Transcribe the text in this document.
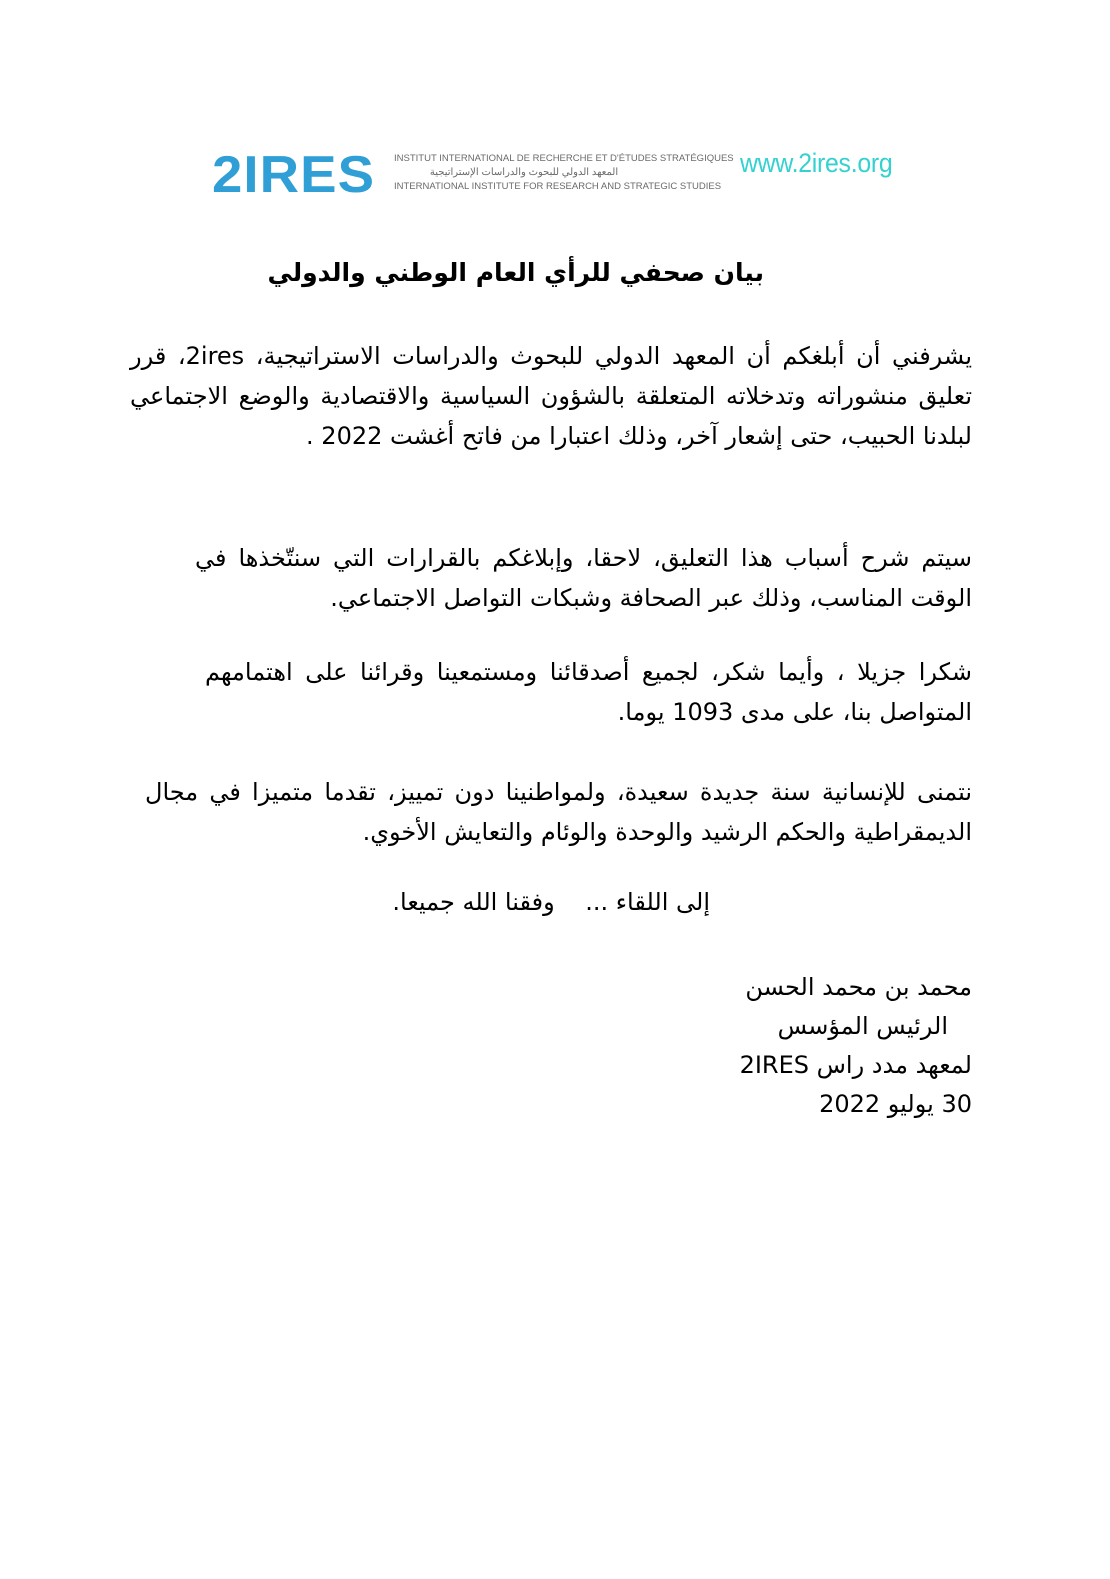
2IRES INSTITUT INTERNATIONAL DE RECHERCHE ET D'ÉTUDES STRATÉGIQUES
المعهد الدولي للبحوث والدراسات الإستراتيجية
INTERNATIONAL INSTITUTE FOR RESEARCH AND STRATEGIC STUDIES
www.2ires.org
بيان صحفي للرأي العام الوطني والدولي

يشرفني أن أبلغكم أن المعهد الدولي للبحوث والدراسات الاستراتيجية، 2ires، قرر تعليق منشوراته وتدخلاته المتعلقة بالشؤون السياسية والاقتصادية والوضع الاجتماعي لبلدنا الحبيب، حتى إشعار آخر، وذلك اعتبارا من فاتح أغشت 2022 .

سيتم شرح أسباب هذا التعليق، لاحقا، وإبلاغكم بالقرارات التي سنتّخذها في الوقت المناسب، وذلك عبر الصحافة وشبكات التواصل الاجتماعي.

شكرا جزيلا ، وأيما شكر، لجميع أصدقائنا ومستمعينا وقرائنا على اهتمامهم المتواصل بنا، على مدى 1093 يوما.

نتمنى للإنسانية سنة جديدة سعيدة، ولمواطنينا دون تمييز، تقدما متميزا في مجال الديمقراطية والحكم الرشيد والوحدة والوئام والتعايش الأخوي.

إلى اللقاء ...    وفقنا الله جميعا.
محمد بن محمد الحسن
الرئيس المؤسس
لمعهد مدد راس 2IRES
30 يوليو 2022
